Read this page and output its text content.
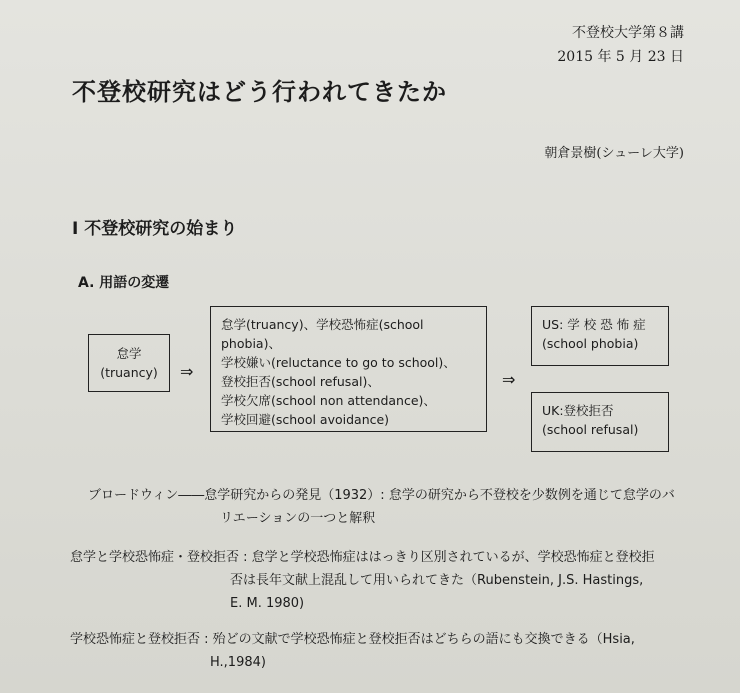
不登校大学第８講
2015 年 5 月 23 日
不登校研究はどう行われてきたか
朝倉景樹(シューレ大学)
I 不登校研究の始まり
A. 用語の変遷
怠学
(truancy)	⇒
怠学(truancy)、学校恐怖症(school phobia)、
学校嫌い(reluctance to go to school)、
登校拒否(school refusal)、
学校欠席(school non attendance)、
学校回避(school avoidance)
⇒
US: 学 校 恐 怖 症
(school phobia)
UK:登校拒否
(school refusal)
ブロードウィン――怠学研究からの発見（1932）: 怠学の研究から不登校を少数例を通じて怠学のバ
リエーションの一つと解釈
怠学と学校恐怖症・登校拒否 : 怠学と学校恐怖症ははっきり区別されているが、学校恐怖症と登校拒
否は長年文献上混乱して用いられてきた（Rubenstein, J.S. Hastings,
E. M. 1980)
学校恐怖症と登校拒否 : 殆どの文献で学校恐怖症と登校拒否はどちらの語にも交換できる（Hsia,
H.,1984)
